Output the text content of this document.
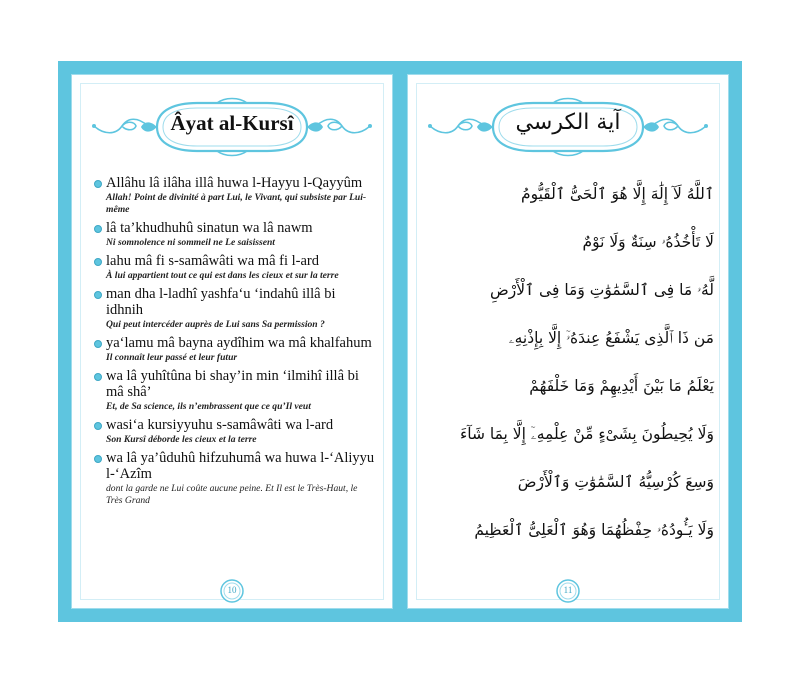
Âyat al-Kursî
Allâhu lâ ilâha illâ huwa l-Hayyu l-Qayyûm
Allah! Point de divinité à part Lui, le Vivant, qui subsiste par Lui-même
lâ ta’khudhuhû sinatun wa lâ nawm
Ni somnolence ni sommeil ne Le saisissent
lahu mâ fi s-samâwâti wa mâ fi l-ard
À lui appartient tout ce qui est dans les cieux et sur la terre
man dha l-ladhî yashfa‘u ‘indahû illâ bi idhnih
Qui peut intercéder auprès de Lui sans Sa permission ?
ya‘lamu mâ bayna aydîhim wa mâ khalfahum
Il connaît leur passé et leur futur
wa lâ yuhîtûna bi shay’in min ‘ilmihî illâ bi mâ shâ’
Et, de Sa science, ils n’embrassent que ce qu’Il veut
wasi‘a kursiyyuhu s-samâwâti wa l-ard
Son Kursî déborde les cieux et la terre
wa lâ ya’ûduhû hifzuhumâ wa huwa l-‘Aliyyu l-‘Azîm
dont la garde ne Lui coûte aucune peine. Et Il est le Très-Haut, le Très Grand
10
آية الكرسي
ٱللَّهُ لَآ إِلَٰهَ إِلَّا هُوَ ٱلْحَىُّ ٱلْقَيُّومُ
لَا تَأْخُذُهُۥ سِنَةٌ وَلَا نَوْمٌ
لَّهُۥ مَا فِى ٱلسَّمَٰوَٰتِ وَمَا فِى ٱلْأَرْضِ
مَن ذَا ٱلَّذِى يَشْفَعُ عِندَهُۥٓ إِلَّا بِإِذْنِهِۦ
يَعْلَمُ مَا بَيْنَ أَيْدِيهِمْ وَمَا خَلْفَهُمْ
وَلَا يُحِيطُونَ بِشَىْءٍ مِّنْ عِلْمِهِۦٓ إِلَّا بِمَا شَآءَ
وَسِعَ كُرْسِيُّهُ ٱلسَّمَٰوَٰتِ وَٱلْأَرْضَ
وَلَا يَـُٔودُهُۥ حِفْظُهُمَا وَهُوَ ٱلْعَلِىُّ ٱلْعَظِيمُ
11
